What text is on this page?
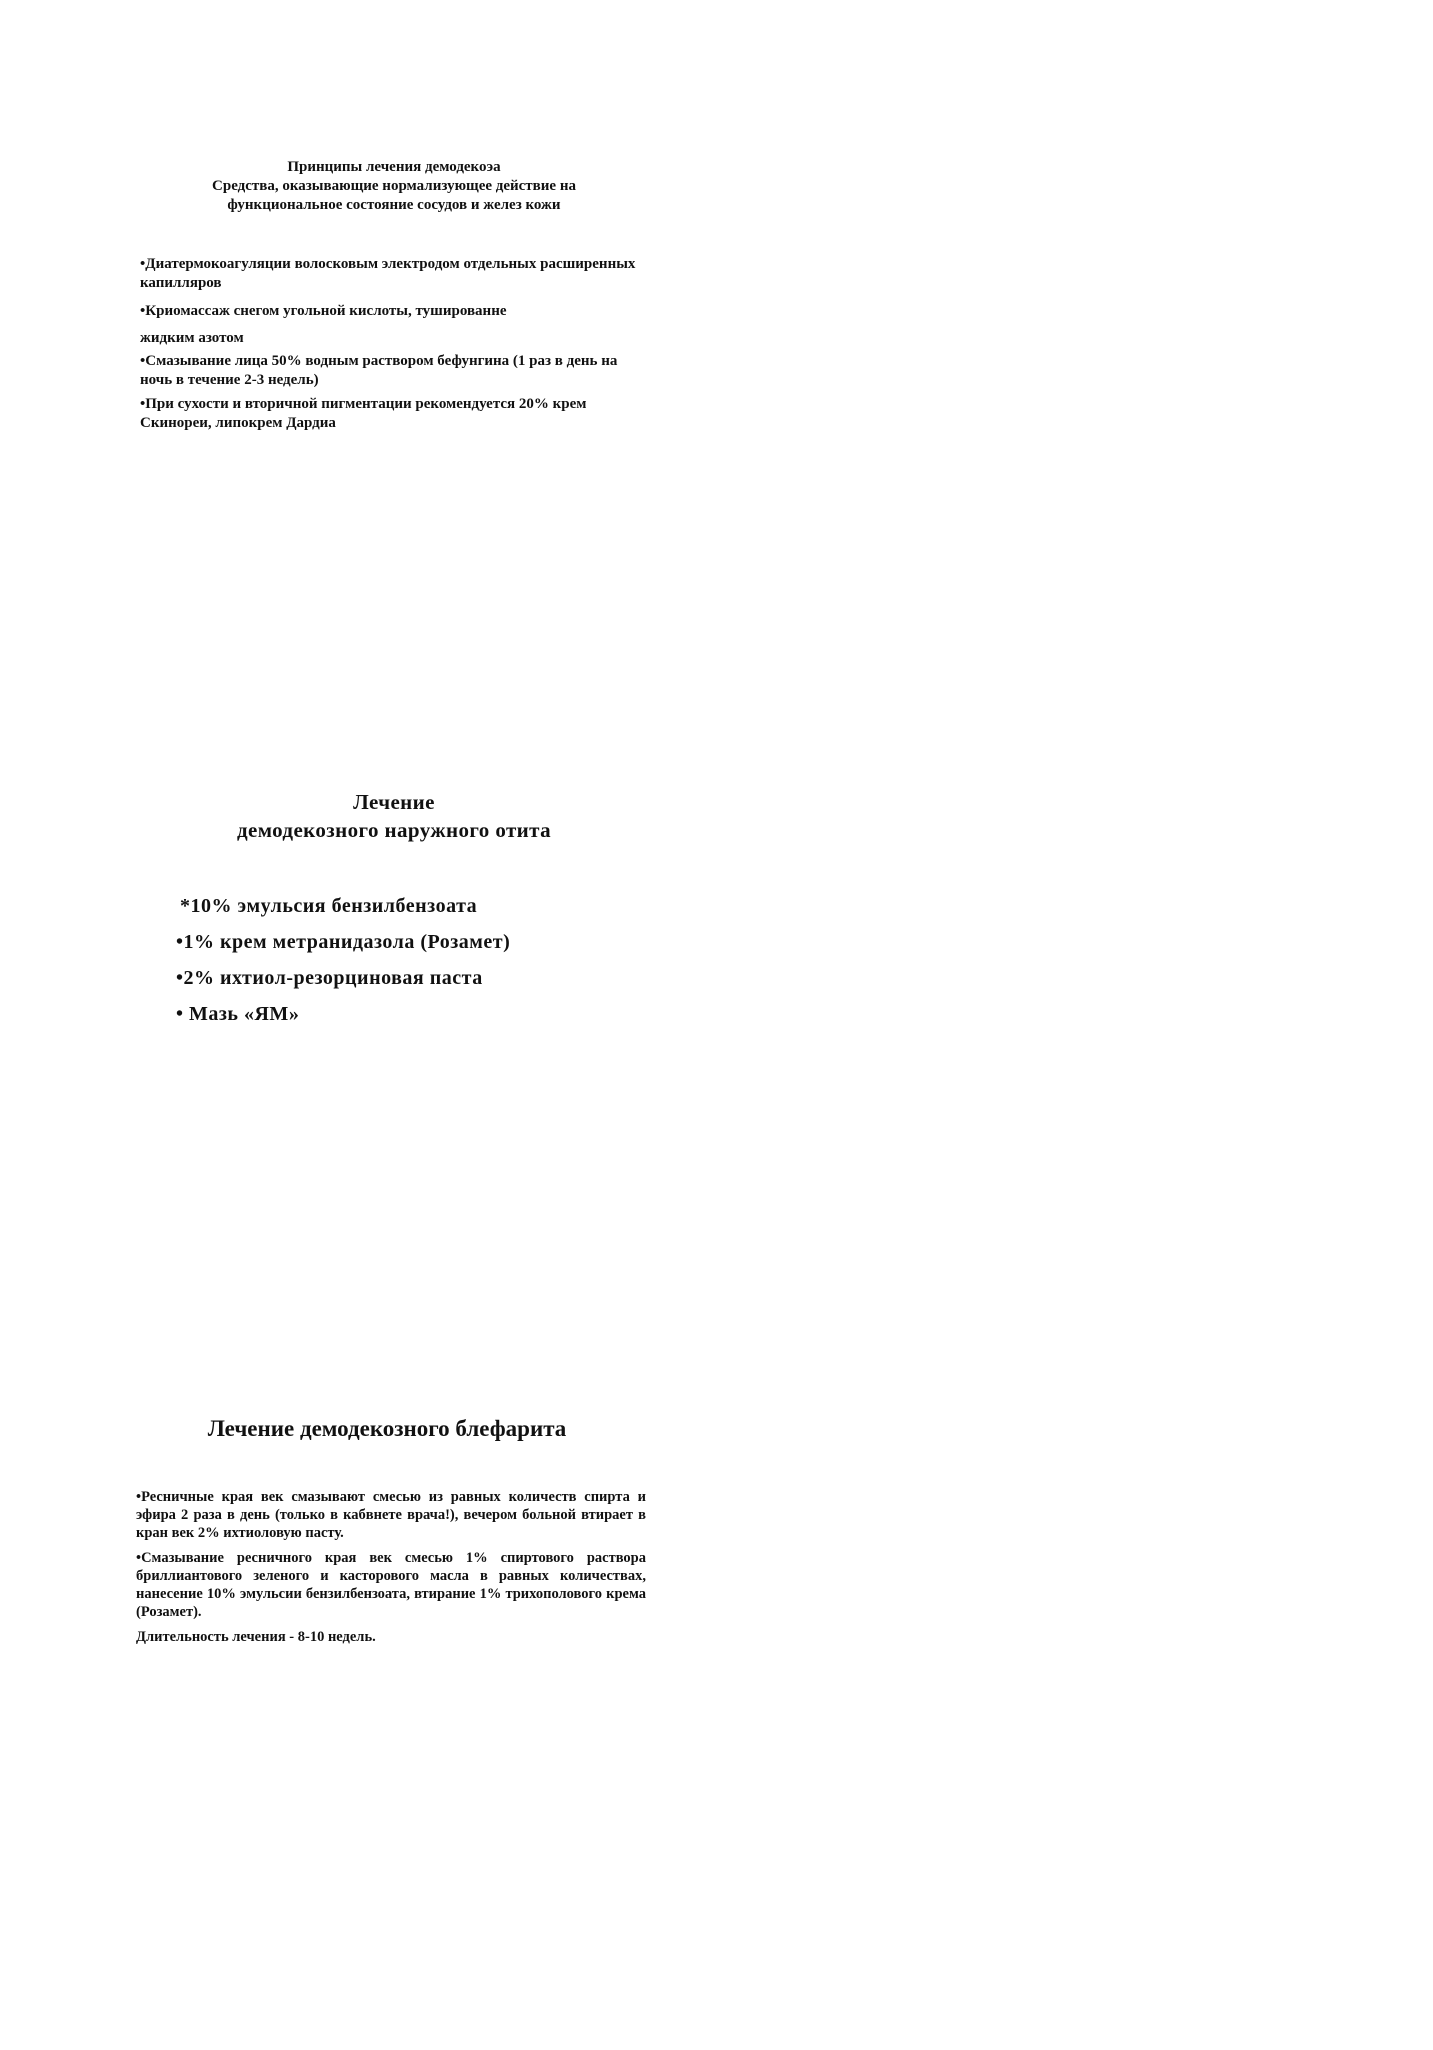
Принципы лечения демодекоэа
Средства, оказывающие нормализующее действие на
функциональное состояние сосудов и желез кожи
•Диатермокоагуляции волосковым электродом отдельных расширенных капилляров
•Криомассаж снегом угольной кислоты, тушированне
жидким азотом
•Смазывание лица 50% водным раствором бефунгина (1 раз в день на ночь в течение 2-3 недель)
•При сухости и вторичной пигментации рекомендуется 20% крем Скинореи, липокрем Дардиа
Лечение
демодекозного наружного отита
*10% эмульсия бензилбензоата
•1% крем метранидазола (Розамет)
•2% ихтиол-резорциновая паста
• Мазь «ЯМ»
Лечение демодекозного блефарита
•Ресничные края век смазывают смесью из равных количеств спирта и эфира 2 раза в день (только в кабвнете врача!), вечером больной втирает в кран век 2% ихтиоловую пасту.
•Смазывание ресничного края век смесью 1% спиртового раствора бриллиантового зеленого и касторового масла в равных количествах, нанесение 10% эмульсии бензилбензоата, втирание 1% трихополового крема (Розамет).
Длительность лечения - 8-10 недель.
